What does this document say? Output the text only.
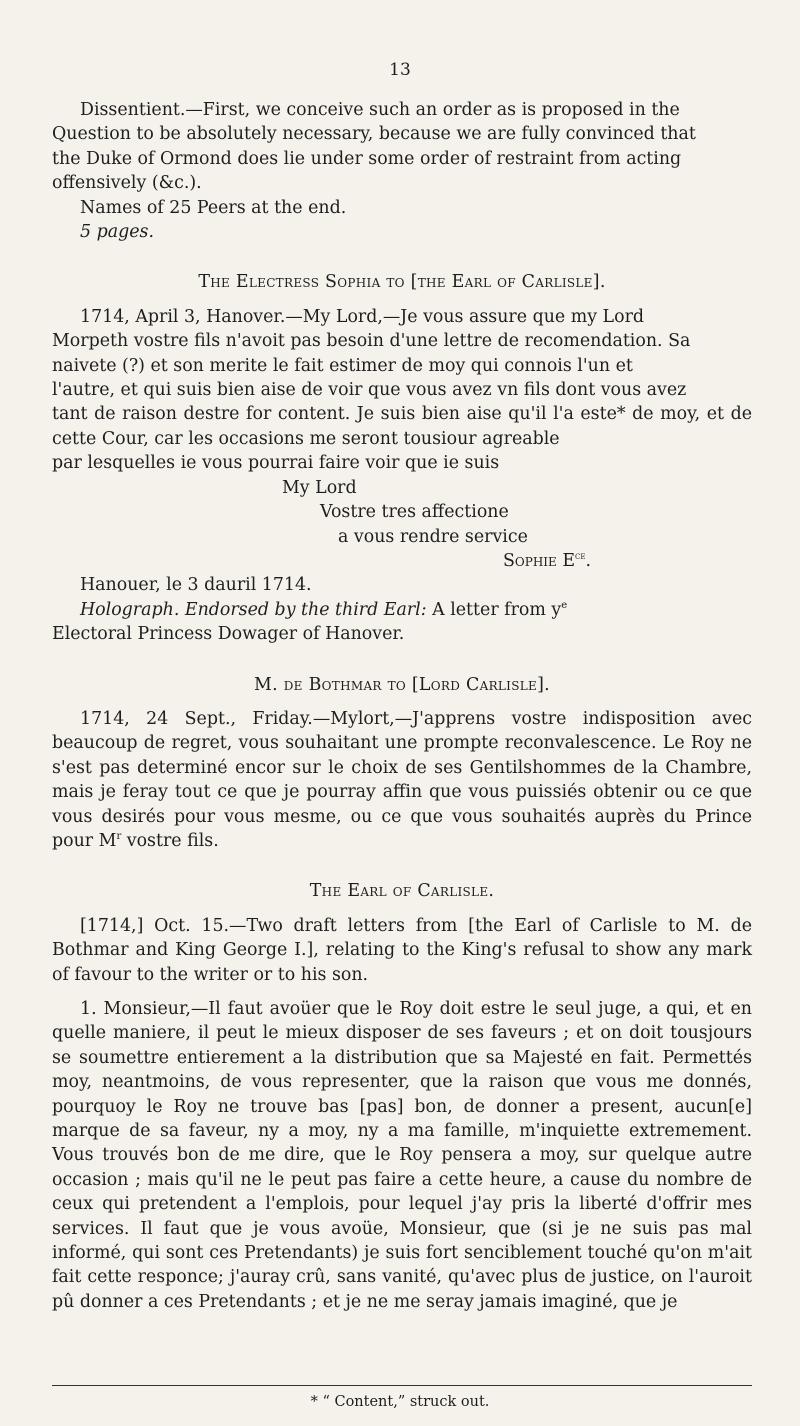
13

Dissentient.—First, we conceive such an order as is proposed in the

Question to be absolutely necessary, because we are fully convinced that

the Duke of Ormond does lie under some order of restraint from acting

offensively (&c.).

Names of 25 Peers at the end.

5 pages.

The Electress Sophia to [the Earl of Carlisle].

1714, April 3, Hanover.—My Lord,—Je vous assure que my Lord

Morpeth vostre fils n'avoit pas besoin d'une lettre de recomendation. Sa

naivete (?) et son merite le fait estimer de moy qui connois l'un et

l'autre, et qui suis bien aise de voir que vous avez vn fils dont vous avez

tant de raison destre for content. Je suis bien aise qu'il l'a este* de moy, et de cette Cour, car les occasions me seront tousiour agreable

par lesquelles ie vous pourrai faire voir que ie suis

My Lord

Vostre tres affectione

a vous rendre service

Sophie $E^{ce}$.

Hanouer, le 3 dauril 1714.

Holograph. Endorsed by the third Earl: A letter from $y^e$

Electoral Princess Dowager of Hanover.

M. de Bothmar to [Lord Carlisle].

1714, 24 Sept., Friday.—Mylort,—J'apprens vostre indisposition avec beaucoup de regret, vous souhaitant une prompte reconvalescence. Le Roy ne s'est pas determiné encor sur le choix de ses Gentilshommes de la Chambre, mais je feray tout ce que je pourray affin que vous puissiés obtenir ou ce que vous desirés pour vous mesme, ou ce que vous souhaités auprès du Prince pour $M^r$ vostre fils.

The Earl of Carlisle.

[1714,] Oct. 15.—Two draft letters from [the Earl of Carlisle to M. de Bothmar and King George I.], relating to the King's refusal to show any mark of favour to the writer or to his son.

1. Monsieur,—Il faut avoüer que le Roy doit estre le seul juge, a qui, et en quelle maniere, il peut le mieux disposer de ses faveurs ; et on doit tousjours se soumettre entierement a la distribution que sa Majesté en fait. Permettés moy, neantmoins, de vous representer, que la raison que vous me donnés, pourquoy le Roy ne trouve bas [pas] bon, de donner a present, aucun[e] marque de sa faveur, ny a moy, ny a ma famille, m'inquiette extremement. Vous trouvés bon de me dire, que le Roy pensera a moy, sur quelque autre occasion ; mais qu'il ne le peut pas faire a cette heure, a cause du nombre de ceux qui pretendent a l'emplois, pour lequel j'ay pris la liberté d'offrir mes services. Il faut que je vous avoüe, Monsieur, que (si je ne suis pas mal informé, qui sont ces Pretendants) je suis fort senciblement touché qu'on m'ait fait cette responce; j'auray crû, sans vanité, qu'avec plus de justice, on l'auroit pû donner a ces Pretendants ; et je ne me seray jamais imaginé, que je

* “ Content,” struck out.
